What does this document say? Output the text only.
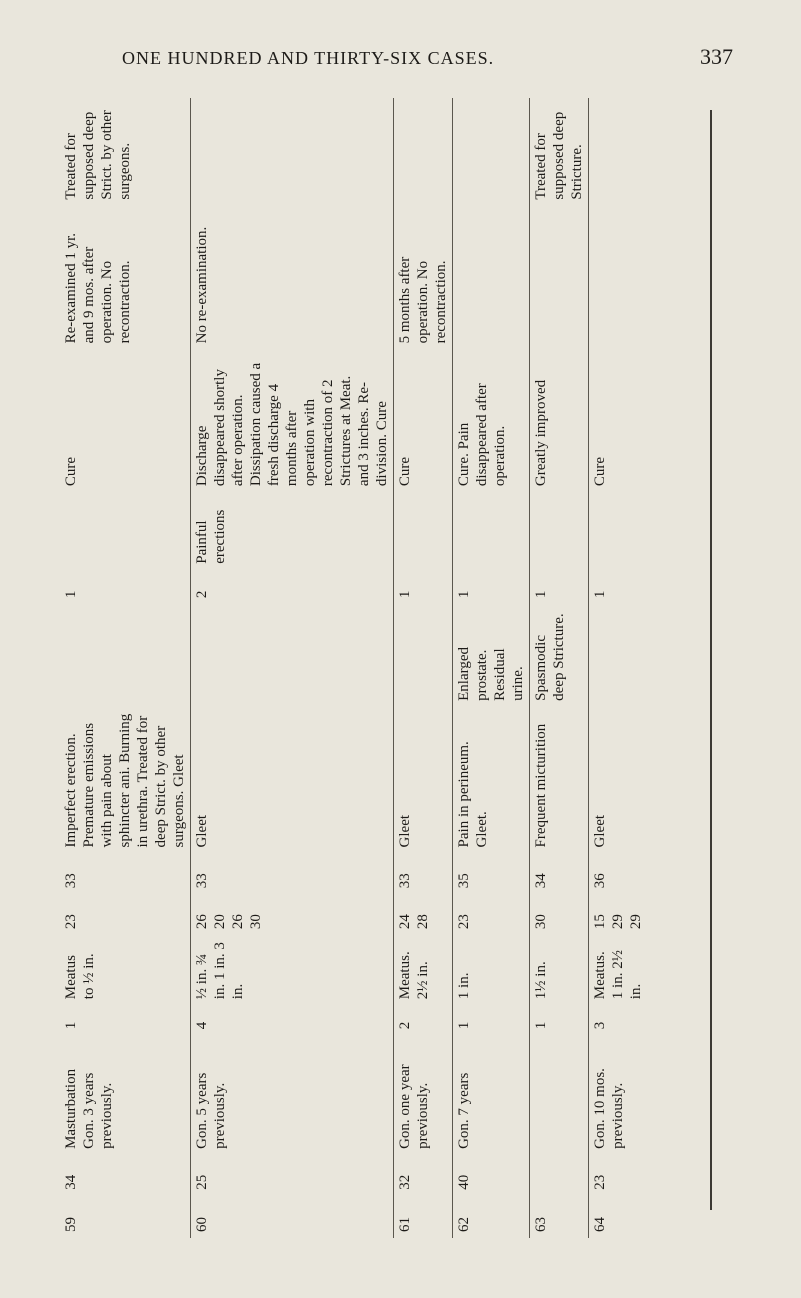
ONE HUNDRED AND THIRTY-SIX CASES.	337
59	34	Masturbation Gon. 3 years previously.	1	Meatus to ½ in.	23	33	Imperfect erection. Premature emissions with pain about sphincter ani. Burning in urethra. Treated for deep Strict. by other surgeons. Gleet		1		Cure	Re-examined 1 yr. and 9 mos. after operation. No recontraction.	Treated for supposed deep Strict. by other surgeons.
60	25	Gon. 5 years previously.	4	½ in. ¾ in. 1 in. 3 in.	26 20 26 30	33	Gleet		2	Painful erections	Discharge disappeared shortly after operation. Dissipation caused a fresh discharge 4 months after operation with recontraction of 2 Strictures at Meat. and 3 inches. Re-division. Cure	No re-examination.	
61	32	Gon. one year previously.	2	Meatus. 2½ in.	24 28	33	Gleet		1		Cure	5 months after operation. No recontraction.	
62	40	Gon. 7 years	1	1 in.	23	35	Pain in perineum. Gleet.	Enlarged prostate. Residual urine.	1		Cure. Pain disappeared after operation.		
63			1	1½ in.	30	34	Frequent micturition	Spasmodic deep Stricture.	1		Greatly improved		Treated for supposed deep Stricture.
64	23	Gon. 10 mos. previously.	3	Meatus. 1 in. 2½ in.	15 29 29	36	Gleet		1		Cure		
